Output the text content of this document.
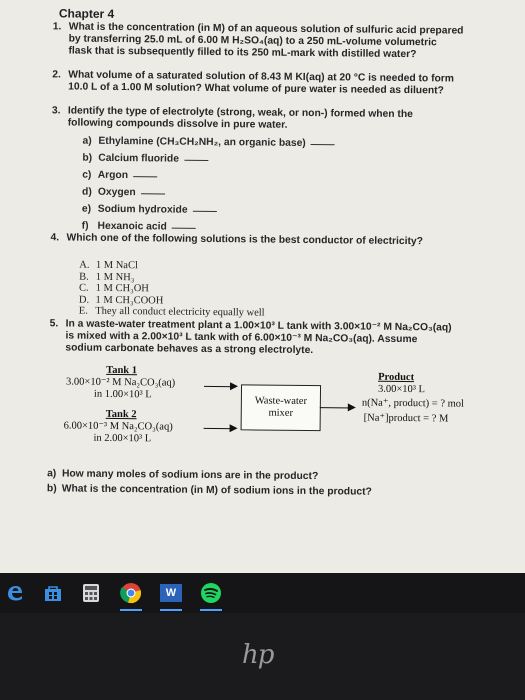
Chapter 4
1. What is the concentration (in M) of an aqueous solution of sulfuric acid prepared
by transferring 25.0 mL of 6.00 M H₂SO₄(aq) to a 250 mL-volume volumetric
flask that is subsequently filled to its 250 mL-mark with distilled water?
2. What volume of a saturated solution of 8.43 M KI(aq) at 20 °C is needed to form
10.0 L of a 1.00 M solution? What volume of pure water is needed as diluent?
3. Identify the type of electrolyte (strong, weak, or non-) formed when the
following compounds dissolve in pure water.
a) Ethylamine (CH₃CH₂NH₂, an organic base)
b) Calcium fluoride
c) Argon
d) Oxygen
e) Sodium hydroxide
f) Hexanoic acid
4. Which one of the following solutions is the best conductor of electricity?
A. 1 M NaCl
B. 1 M NH₃
C. 1 M CH₃OH
D. 1 M CH₃COOH
E. They all conduct electricity equally well
5. In a waste-water treatment plant a 1.00×10³ L tank with 3.00×10⁻² M Na₂CO₃(aq)
is mixed with a 2.00×10³ L tank with of 6.00×10⁻³ M Na₂CO₃(aq). Assume
sodium carbonate behaves as a strong electrolyte.
Tank 1
3.00×10⁻² M Na₂CO₃(aq)
in 1.00×10³ L
Tank 2
6.00×10⁻³ M Na₂CO₃(aq)
in 2.00×10³ L
Waste-water
mixer
Product
3.00×10³ L
n(Na⁺, product) = ? mol
[Na⁺]product = ? M
a) How many moles of sodium ions are in the product?
b) What is the concentration (in M) of sodium ions in the product?
W
hp
